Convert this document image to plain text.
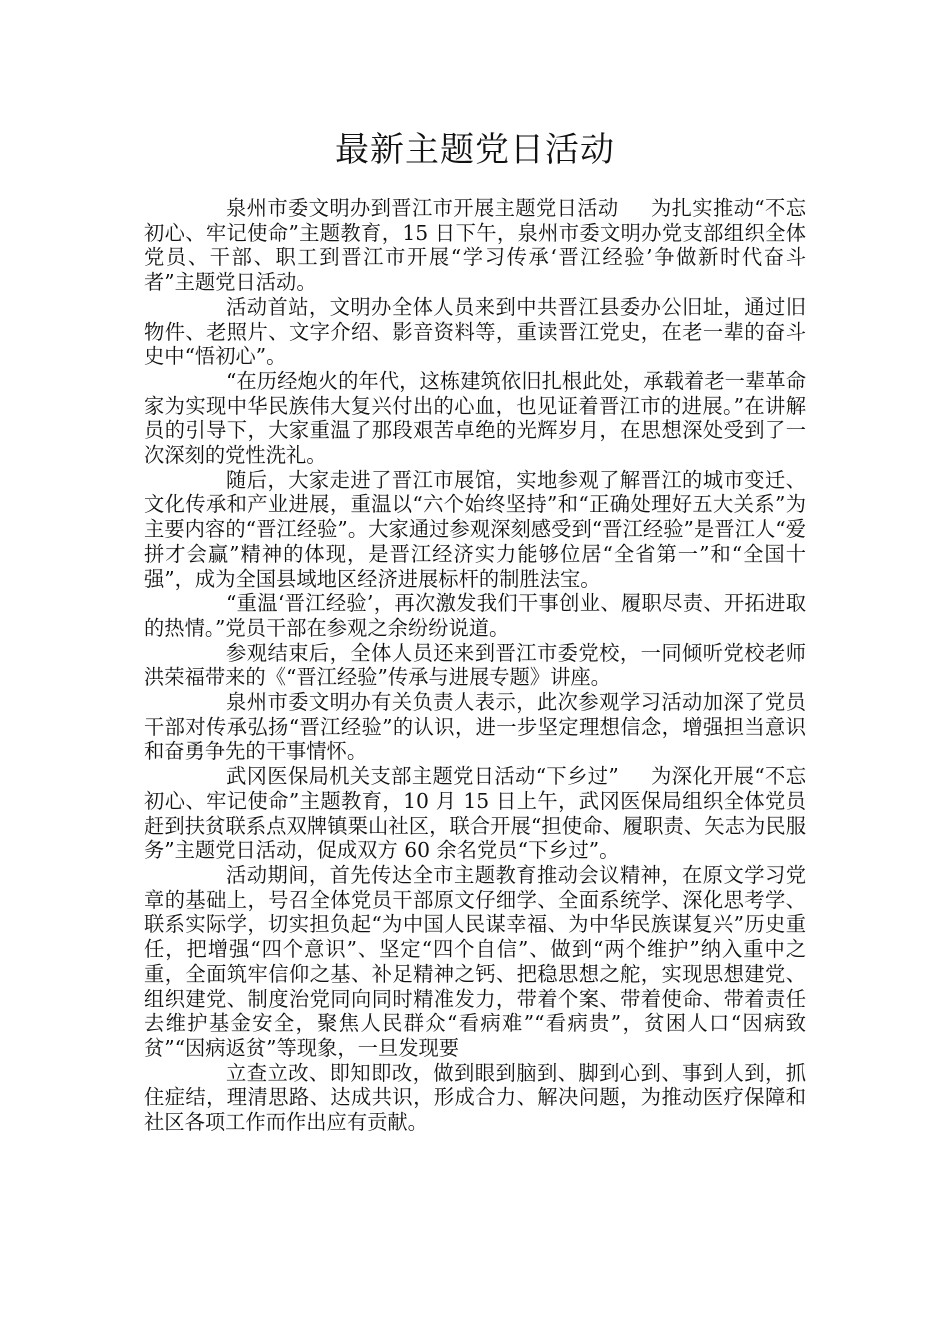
最新主题党日活动

泉州市委文明办到晋江市开展主题党日活动 为扎实推动“不忘初心、牢记使命”主题教育，15 日下午，泉州市委文明办党支部组织全体党员、干部、职工到晋江市开展“学习传承‘晋江经验’争做新时代奋斗者”主题党日活动。

活动首站，文明办全体人员来到中共晋江县委办公旧址，通过旧物件、老照片、文字介绍、影音资料等，重读晋江党史，在老一辈的奋斗史中“悟初心”。

“在历经炮火的年代，这栋建筑依旧扎根此处，承载着老一辈革命家为实现中华民族伟大复兴付出的心血，也见证着晋江市的进展。”在讲解员的引导下，大家重温了那段艰苦卓绝的光辉岁月，在思想深处受到了一次深刻的党性洗礼。

随后，大家走进了晋江市展馆，实地参观了解晋江的城市变迁、文化传承和产业进展，重温以“六个始终坚持”和“正确处理好五大关系”为主要内容的“晋江经验”。大家通过参观深刻感受到“晋江经验”是晋江人“爱拼才会赢”精神的体现，是晋江经济实力能够位居“全省第一”和“全国十强”，成为全国县域地区经济进展标杆的制胜法宝。

“重温‘晋江经验’，再次激发我们干事创业、履职尽责、开拓进取的热情。”党员干部在参观之余纷纷说道。

参观结束后，全体人员还来到晋江市委党校，一同倾听党校老师洪荣福带来的《“晋江经验”传承与进展专题》讲座。

泉州市委文明办有关负责人表示，此次参观学习活动加深了党员干部对传承弘扬“晋江经验”的认识，进一步坚定理想信念，增强担当意识和奋勇争先的干事情怀。

武冈医保局机关支部主题党日活动“下乡过” 为深化开展“不忘初心、牢记使命”主题教育，10 月 15 日上午，武冈医保局组织全体党员赶到扶贫联系点双牌镇栗山社区，联合开展“担使命、履职责、矢志为民服务”主题党日活动，促成双方 60 余名党员“下乡过”。

活动期间，首先传达全市主题教育推动会议精神，在原文学习党章的基础上，号召全体党员干部原文仔细学、全面系统学、深化思考学、联系实际学，切实担负起“为中国人民谋幸福、为中华民族谋复兴”历史重任，把增强“四个意识”、坚定“四个自信”、做到“两个维护”纳入重中之重，全面筑牢信仰之基、补足精神之钙、把稳思想之舵，实现思想建党、组织建党、制度治党同向同时精准发力，带着个案、带着使命、带着责任去维护基金安全，聚焦人民群众“看病难”“看病贵”，贫困人口“因病致贫”“因病返贫”等现象，一旦发现要

立查立改、即知即改，做到眼到脑到、脚到心到、事到人到，抓住症结，理清思路、达成共识，形成合力、解决问题，为推动医疗保障和社区各项工作而作出应有贡献。
